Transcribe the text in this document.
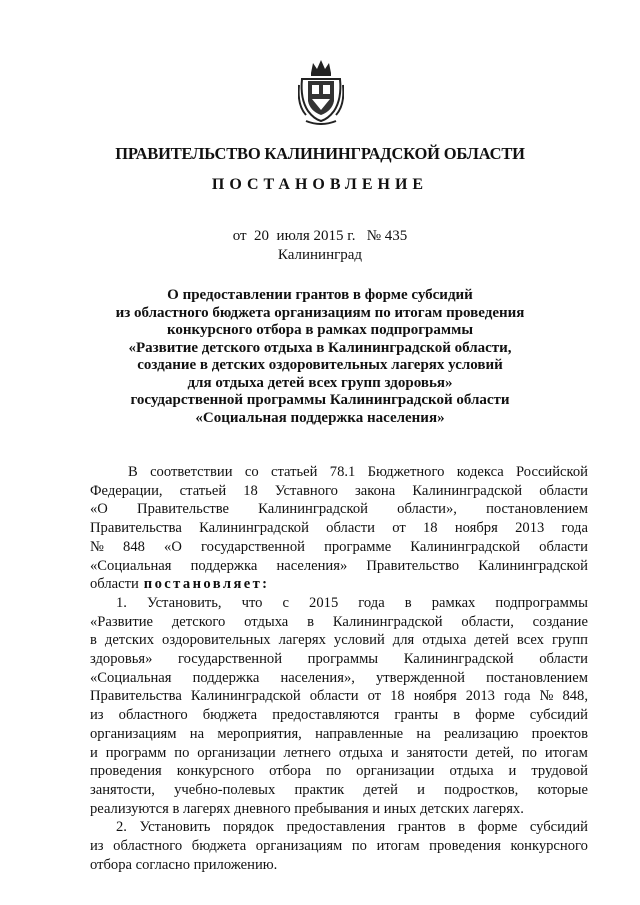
ПРАВИТЕЛЬСТВО КАЛИНИНГРАДСКОЙ ОБЛАСТИ
ПОСТАНОВЛЕНИЕ
от  20  июля 2015 г.   № 435
Калининград
О предоставлении грантов в форме субсидий
из областного бюджета организациям по итогам проведения
конкурсного отбора в рамках подпрограммы
«Развитие детского отдыха в Калининградской области,
создание в детских оздоровительных лагерях условий
для отдыха детей всех групп здоровья»
государственной программы Калининградской области
«Социальная поддержка населения»
В соответствии со статьей 78.1 Бюджетного кодекса Российской
Федерации, статьей 18 Уставного закона Калининградской области
«О Правительстве Калининградской области», постановлением
Правительства Калининградской области от 18 ноября 2013 года
№ 848 «О государственной программе Калининградской области
«Социальная поддержка населения» Правительство Калининградской
области постановляет:
1. Установить, что с 2015 года в рамках подпрограммы
«Развитие детского отдыха в Калининградской области, создание
в детских оздоровительных лагерях условий для отдыха детей всех групп
здоровья» государственной программы Калининградской области
«Социальная поддержка населения», утвержденной постановлением
Правительства Калининградской области от 18 ноября 2013 года № 848,
из областного бюджета предоставляются гранты в форме субсидий
организациям на мероприятия, направленные на реализацию проектов
и программ по организации летнего отдыха и занятости детей, по итогам
проведения конкурсного отбора по организации отдыха и трудовой
занятости, учебно-полевых практик детей и подростков, которые
реализуются в лагерях дневного пребывания и иных детских лагерях.
2. Установить порядок предоставления грантов в форме субсидий
из областного бюджета организациям по итогам проведения конкурсного
отбора согласно приложению.
